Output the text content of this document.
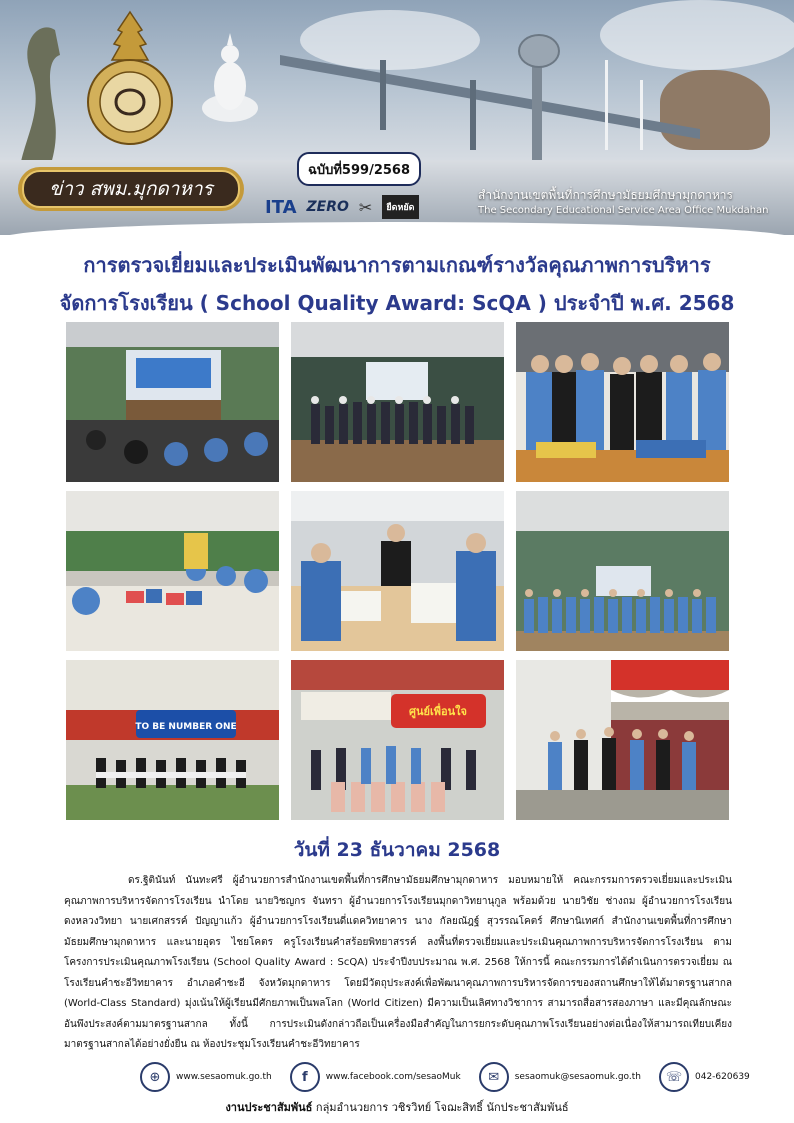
ข่าว สพม.มุกดาหาร
ฉบับที่599/2568
ITA ZERO ✂	ยืดหยัด
สำนักงานเขตพื้นที่การศึกษามัธยมศึกษามุกดาหาร
The Secondary Educational Service Area Office Mukdahan
การตรวจเยี่ยมและประเมินพัฒนาการตามเกณฑ์รางวัลคุณภาพการบริหาร
จัดการโรงเรียน ( School Quality Award: ScQA ) ประจำปี พ.ศ. 2568
TO BE NUMBER ONE
ศูนย์เพื่อนใจ
วันที่ 23 ธันวาคม 2568
ดร.ฐิตินันท์ นันทะศรี ผู้อำนวยการสำนักงานเขตพื้นที่การศึกษามัธยมศึกษามุกดาหาร มอบหมายให้ คณะกรรมการตรวจเยี่ยมและประเมินคุณภาพการบริหารจัดการโรงเรียน นำโดย นายวิชญกร จันทรา ผู้อำนวยการโรงเรียนมุกดาวิทยานุกูล พร้อมด้วย นายวิชัย ช่างถม ผู้อำนวยการโรงเรียนดงหลวงวิทยา นายเศกสรรค์ ปัญญาแก้ว ผู้อำนวยการโรงเรียนดี่แดควิทยาคาร นาง กัลยณัฎฐ์ สุวรรณโคตร์ ศึกษานิเทศก์ สำนักงานเขตพื้นที่การศึกษามัธยมศึกษามุกดาหาร และนายอุดร ไชยโคตร ครูโรงเรียนคำสร้อยพิทยาสรรค์ ลงพื้นที่ตรวจเยี่ยมและประเมินคุณภาพการบริหารจัดการโรงเรียน ตามโครงการประเมินคุณภาพโรงเรียน (School Quality Award : ScQA) ประจำปีงบประมาณ พ.ศ. 2568 ให้การนี้ คณะกรรมการได้ดำเนินการตรวจเยี่ยม ณ โรงเรียนคำชะอีวิทยาคาร อำเภอคำชะอี จังหวัดมุกดาหาร โดยมีวัตถุประสงค์เพื่อพัฒนาคุณภาพการบริหารจัดการของสถานศึกษาให้ได้มาตรฐานสากล (World-Class Standard) มุ่งเน้นให้ผู้เรียนมีศักยภาพเป็นพลโลก (World Citizen) มีความเป็นเลิศทางวิชาการ สามารถสื่อสารสองภาษา และมีคุณลักษณะอันพึงประสงค์ตามมาตรฐานสากล ทั้งนี้ การประเมินดังกล่าวถือเป็นเครื่องมือสำคัญในการยกระดับคุณภาพโรงเรียนอย่างต่อเนื่องให้สามารถเทียบเคียงมาตรฐานสากลได้อย่างยั่งยืน ณ ห้องประชุมโรงเรียนคำชะอีวิทยาคาร
⊕	www.sesaomuk.go.th	f	www.facebook.com/sesaoMuk	✉	sesaomuk@sesaomuk.go.th	☏	042-620639
งานประชาสัมพันธ์ กลุ่มอำนวยการ วชิรวิทย์ โจฌะสิทธิ์ นักประชาสัมพันธ์
